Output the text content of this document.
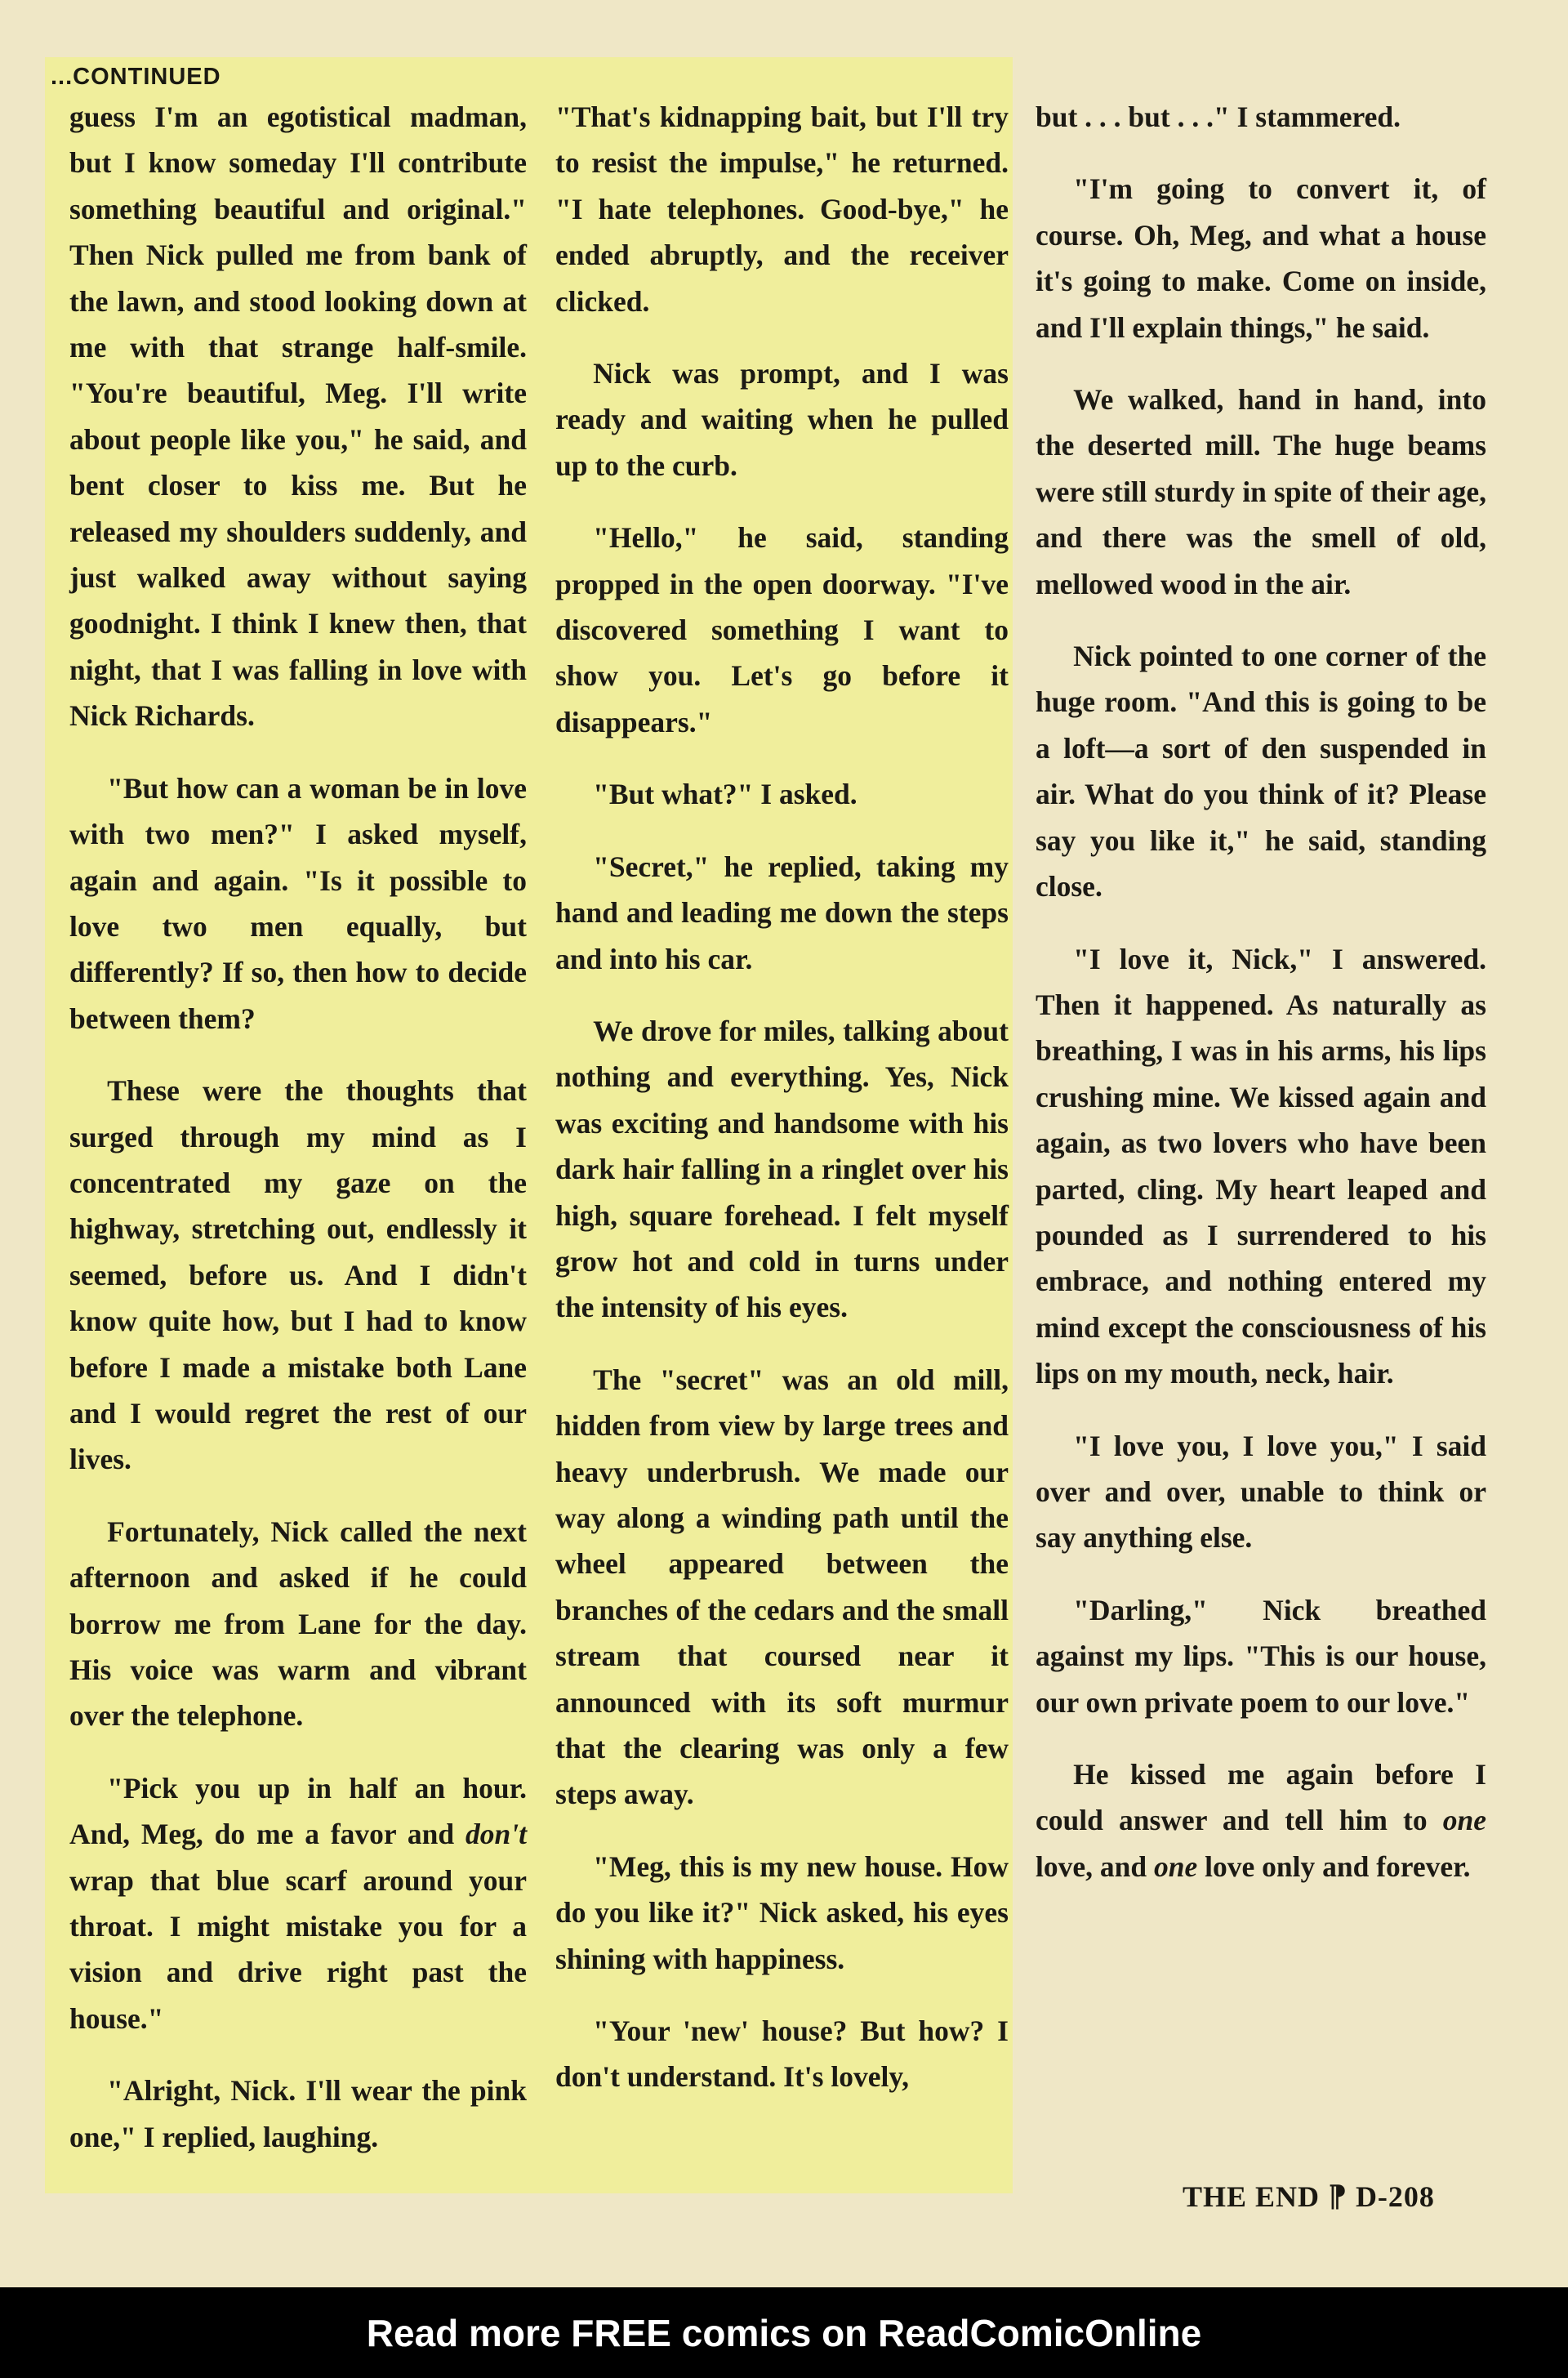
...CONTINUED

guess I'm an egotistical madman, but I know someday I'll contribute something beautiful and original." Then Nick pulled me from bank of the lawn, and stood looking down at me with that strange half-smile. "You're beautiful, Meg. I'll write about people like you," he said, and bent closer to kiss me. But he released my shoulders suddenly, and just walked away without saying goodnight. I think I knew then, that night, that I was falling in love with Nick Richards.

"But how can a woman be in love with two men?" I asked myself, again and again. "Is it possible to love two men equally, but differently? If so, then how to decide between them?

These were the thoughts that surged through my mind as I concentrated my gaze on the highway, stretching out, endlessly it seemed, before us. And I didn't know quite how, but I had to know before I made a mistake both Lane and I would regret the rest of our lives.

Fortunately, Nick called the next afternoon and asked if he could borrow me from Lane for the day. His voice was warm and vibrant over the telephone.

"Pick you up in half an hour. And, Meg, do me a favor and don't wrap that blue scarf around your throat. I might mistake you for a vision and drive right past the house."

"Alright, Nick. I'll wear the pink one," I replied, laughing.

"That's kidnapping bait, but I'll try to resist the impulse," he returned. "I hate telephones. Good-bye," he ended abruptly, and the receiver clicked.

Nick was prompt, and I was ready and waiting when he pulled up to the curb.

"Hello," he said, standing propped in the open doorway. "I've discovered something I want to show you. Let's go before it disappears."

"But what?" I asked.

"Secret," he replied, taking my hand and leading me down the steps and into his car.

We drove for miles, talking about nothing and everything. Yes, Nick was exciting and handsome with his dark hair falling in a ringlet over his high, square forehead. I felt myself grow hot and cold in turns under the intensity of his eyes.

The "secret" was an old mill, hidden from view by large trees and heavy underbrush. We made our way along a winding path until the wheel appeared between the branches of the cedars and the small stream that coursed near it announced with its soft murmur that the clearing was only a few steps away.

"Meg, this is my new house. How do you like it?" Nick asked, his eyes shining with happiness.

"Your 'new' house? But how? I don't understand. It's lovely,

but . . . but . . ." I stammered.

"I'm going to convert it, of course. Oh, Meg, and what a house it's going to make. Come on inside, and I'll explain things," he said.

We walked, hand in hand, into the deserted mill. The huge beams were still sturdy in spite of their age, and there was the smell of old, mellowed wood in the air.

Nick pointed to one corner of the huge room. "And this is going to be a loft—a sort of den suspended in air. What do you think of it? Please say you like it," he said, standing close.

"I love it, Nick," I answered. Then it happened. As naturally as breathing, I was in his arms, his lips crushing mine. We kissed again and again, as two lovers who have been parted, cling. My heart leaped and pounded as I surrendered to his embrace, and nothing entered my mind except the consciousness of his lips on my mouth, neck, hair.

"I love you, I love you," I said over and over, unable to think or say anything else.

"Darling," Nick breathed against my lips. "This is our house, our own private poem to our love."

He kissed me again before I could answer and tell him to one love, and one love only and forever.

THE END ⁋ D-208
Read more FREE comics on ReadComicOnline
